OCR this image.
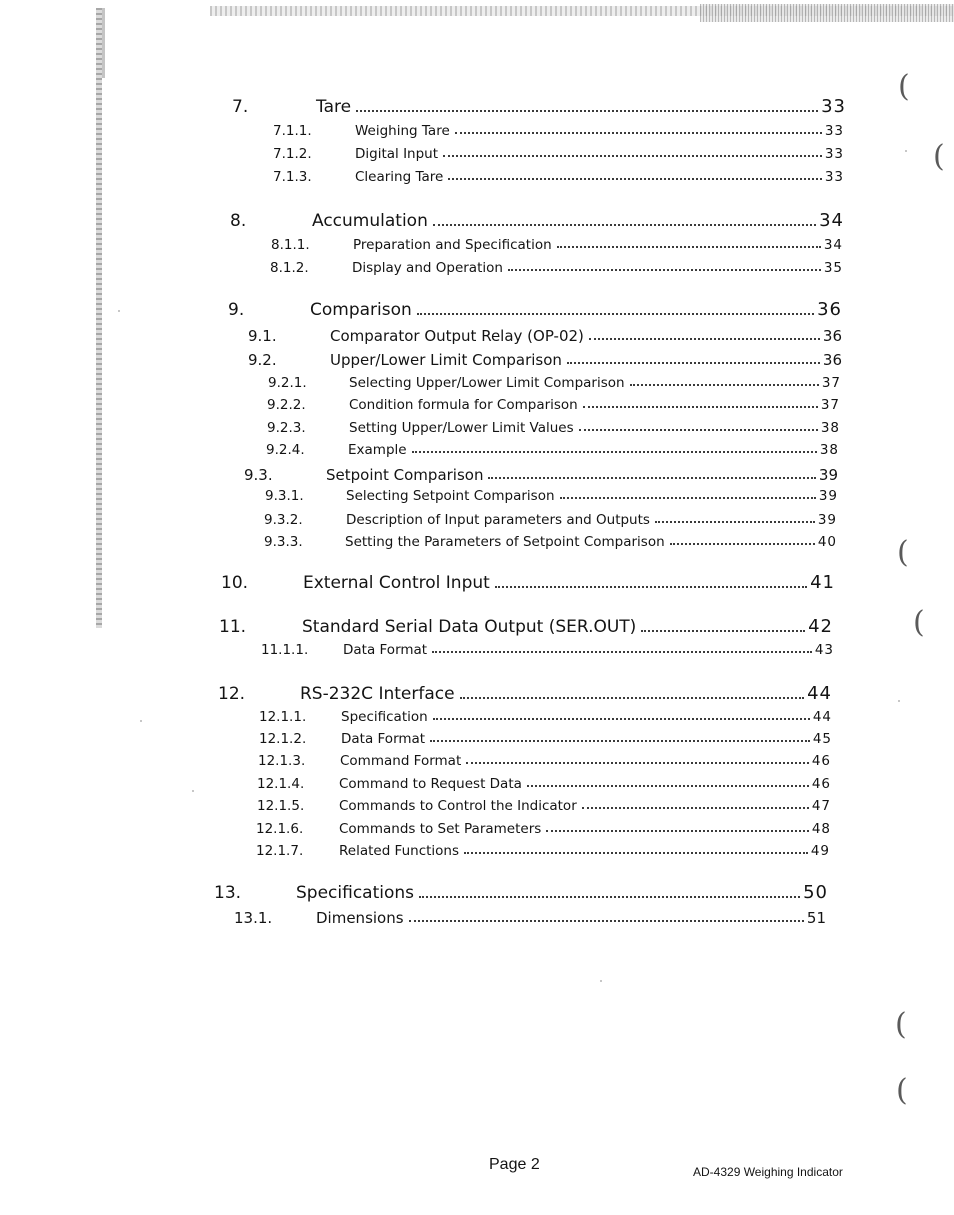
(
(
(
(
(
(
7.	Tare	33
7.1.1.	Weighing Tare	33
7.1.2.	Digital Input	33
7.1.3.	Clearing Tare	33
8.	Accumulation	34
8.1.1.	Preparation and Specification	34
8.1.2.	Display and Operation	35
9.	Comparison	36
9.1.	Comparator Output Relay (OP-02)	36
9.2.	Upper/Lower Limit Comparison	36
9.2.1.	Selecting Upper/Lower Limit Comparison	37
9.2.2.	Condition formula for Comparison	37
9.2.3.	Setting Upper/Lower Limit Values	38
9.2.4.	Example	38
9.3.	Setpoint Comparison	39
9.3.1.	Selecting Setpoint Comparison	39
9.3.2.	Description of Input parameters and Outputs	39
9.3.3.	Setting the Parameters of Setpoint Comparison	40
10.	External Control Input	41
11.	Standard Serial Data Output (SER.OUT)	42
11.1.1.	Data Format	43
12.	RS-232C Interface	44
12.1.1.	Specification	44
12.1.2.	Data Format	45
12.1.3.	Command Format	46
12.1.4.	Command to Request Data	46
12.1.5.	Commands to Control the Indicator	47
12.1.6.	Commands to Set Parameters	48
12.1.7.	Related Functions	49
13.	Specifications	50
13.1.	Dimensions	51
Page 2	AD-4329 Weighing Indicator
